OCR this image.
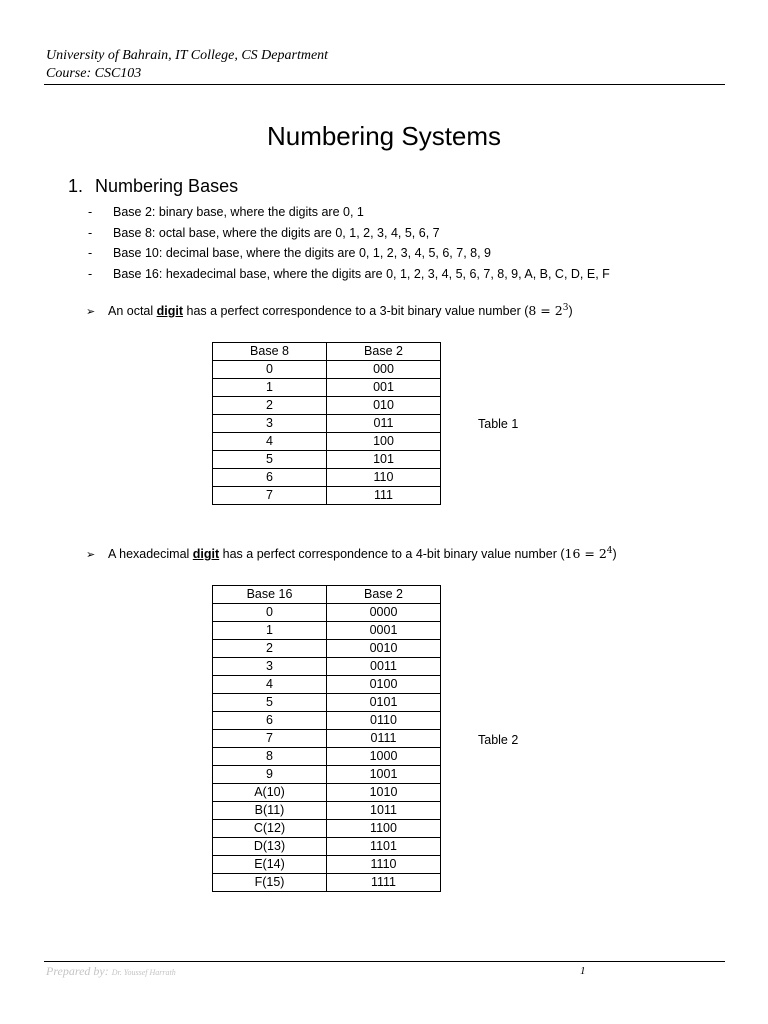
University of Bahrain, IT College, CS Department
Course: CSC103
Numbering Systems
1. Numbering Bases
- Base 2: binary base, where the digits are 0, 1
- Base 8: octal base, where the digits are 0, 1, 2, 3, 4, 5, 6, 7
- Base 10: decimal base, where the digits are 0, 1, 2, 3, 4, 5, 6, 7, 8, 9
- Base 16: hexadecimal base, where the digits are 0, 1, 2, 3, 4, 5, 6, 7, 8, 9, A, B, C, D, E, F
➢ An octal digit has a perfect correspondence to a 3-bit binary value number $(8 = 2^3)$
Base 8	Base 2
0	000
1	001
2	010
3	011
4	100
5	101
6	110
7	111
Table 1
➢ A hexadecimal digit has a perfect correspondence to a 4-bit binary value number $(16 = 2^4)$
Base 16	Base 2
0	0000
1	0001
2	0010
3	0011
4	0100
5	0101
6	0110
7	0111
8	1000
9	1001
A(10)	1010
B(11)	1011
C(12)	1100
D(13)	1101
E(14)	1110
F(15)	1111
Table 2
Prepared by: Dr. Youssef Harrath	1
